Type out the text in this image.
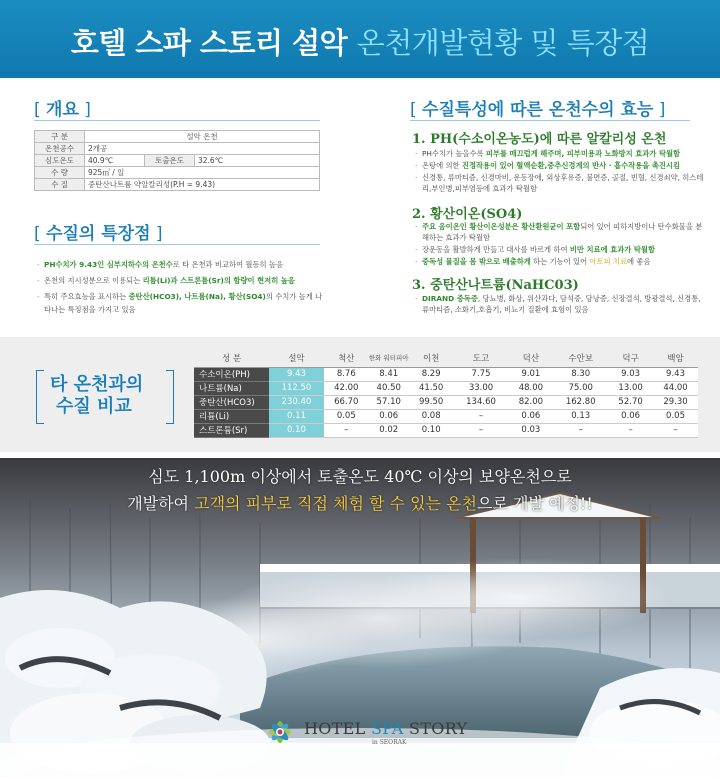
호텔 스파 스토리 설악 온천개발현황 및 특장점
[ 개요 ]
구 분	설악 온천		
온천공수	2개공		
심도온도	40.9℃	토출온도	32.6℃
수 량	925㎥ / 일		
수 질	중탄산나트륨 약알칼리성(P.H = 9.43)		
[ 수질의 특장점 ]
· PH수치가 9.43인 심부지하수의 온천수로 타 온천과 비교하여 월등히 높음
· 온천의 지시성분으로 이용되는 리튬(Li)과 스트론튬(Sr)의 함량이 현저히 높음
· 특히 주요효능을 표시하는 중탄산(HCO3), 나트륨(Na), 황산(SO4)의 수치가 높게 나타나는 특징점을 가지고 있음
[ 수질특성에 따른 온천수의 효능 ]
1. PH(수소이온농도)에 따른 알칼리성 온천
· PH수치가 높을수록 피부를 매끄럽게 해주며, 피부미용과 노화방지 효과가 탁월함
· 온탕에 의한 진정작용이 있어 혈액순환,중추신경계의 반사 · 흡수작용을 촉진시킴
· 신경통, 류마티즘, 신경마비, 운동장애, 외상후유증, 불면증, 골절, 빈혈, 신경쇠약, 히스테리,부인병,피부염등에 효과가 탁월함
2. 황산이온(SO4)
· 주요 음이온인 황산이온성분은 황산환원균이 포함되어 있어 피하지방이나 탄수화물을 분해하는 효과가 탁월함
· 장운동을 활발하게 만들고 대사를 바르게 하여 비만 치료에 효과가 탁월함
· 중독성 물질을 몸 밖으로 배출하게 하는 기능이 있어 아토피 치료에 좋음
3. 중탄산나트륨(NaHC03)
· DIRAND 중독증, 당뇨병, 화상, 위산과다, 담석증, 담낭증, 신장결석, 방광결석, 신경통, 류마티즘, 소화기,호흡기, 비뇨기 질환에 효험이 있음
타 온천과의
수질 비교
성 분	설악	척산	한화 워터피아	이천	도고	덕산	수안보	덕구	백암
수소이온(PH)	9.43	8.76	8.41	8.29	7.75	9.01	8.30	9.03	9.43
나트륨(Na)	112.50	42.00	40.50	41.50	33.00	48.00	75.00	13.00	44.00
중탄산(HCO3)	230.40	66.70	57.10	99.50	134.60	82.00	162.80	52.70	29.30
리튬(Li)	0.11	0.05	0.06	0.08	–	0.06	0.13	0.06	0.05
스트론튬(Sr)	0.10	–	0.02	0.10	–	0.03	–	–	–
심도 1,100m 이상에서 토출온도 40℃ 이상의 보양온천으로
개발하여 고객의 피부로 직접 체험 할 수 있는 온천으로 개발 예정!!
HOTEL SPA STORY
in SEORAK
